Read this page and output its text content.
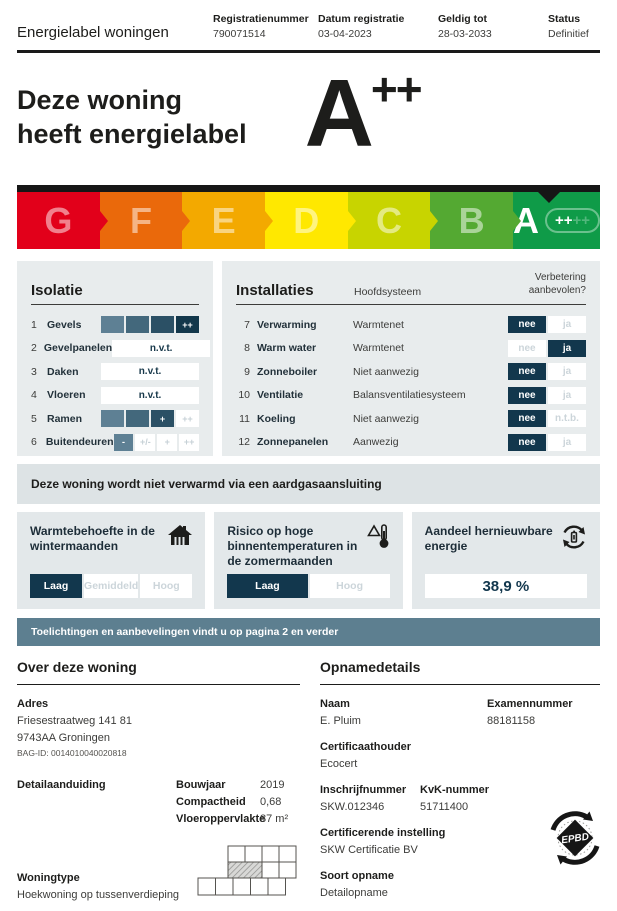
Energielabel woningen
Registratienummer
790071514
Datum registratie
03-04-2023
Geldig tot
28-03-2033
Status
Definitief
Deze woning
heeft energielabel A ++
G F E D C B A ++ ++
Isolatie
1 Gevels	++
2 Gevelpanelen	n.v.t.
3 Daken	n.v.t.
4 Vloeren	n.v.t.
5 Ramen	+	++
6 Buitendeuren -	+/-	+	++
Installaties	Hoofdsysteem
Verbetering
aanbevolen?
7 Verwarming	Warmtenet	nee	ja
8 Warm water	Warmtenet	nee	ja
9 Zonneboiler	Niet aanwezig	nee	ja
10 Ventilatie	Balansventilatiesysteem	nee	ja
11 Koeling	Niet aanwezig	nee	n.t.b.
12 Zonnepanelen	Aanwezig	nee	ja
Deze woning wordt niet verwarmd via een aardgasaansluiting
Warmtebehoefte in de wintermaanden
Laag	Gemiddeld	Hoog
Risico op hoge binnentemperaturen in de zomermaanden
Laag	Hoog
Aandeel hernieuwbare energie
38,9 %
Toelichtingen en aanbevelingen vindt u op pagina 2 en verder
Over deze woning
Adres
Friesestraatweg 141 81
9743AA Groningen
BAG-ID: 0014010040020818
Detailaanduiding	Bouwjaar	2019
Compactheid	0,68
Vloeroppervlakte
87 m²
Woningtype
Hoekwoning op tussenverdieping
Opnamedetails
Naam
E. Pluim
Examennummer
88181158
Certificaathouder
Ecocert
Inschrijfnummer
SKW.012346
KvK-nummer
51711400
Certificerende instelling
SKW Certificatie BV
Soort opname
Detailopname
EPBD
